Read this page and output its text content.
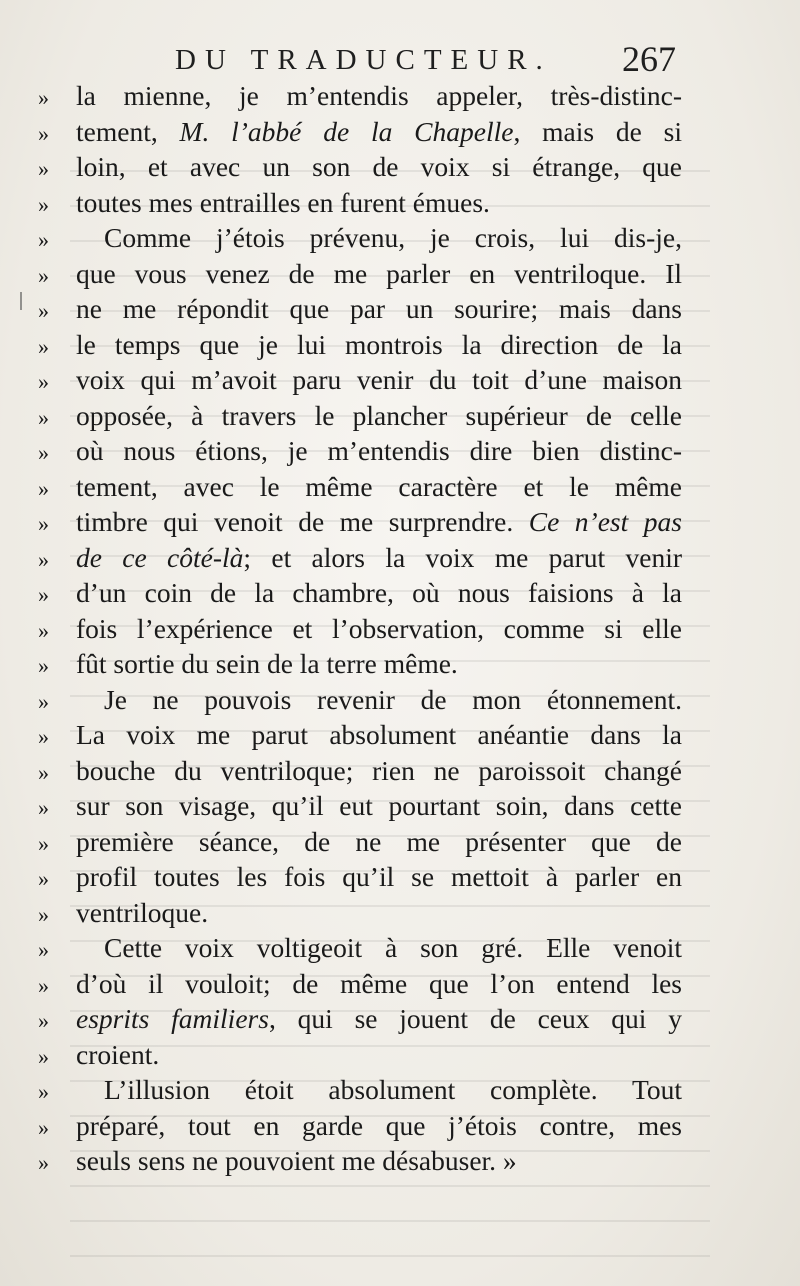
DU TRADUCTEUR. 267
» la mienne, je m’entendis appeler, très-distinc-
» tement, M. l’abbé de la Chapelle, mais de si
» loin, et avec un son de voix si étrange, que
» toutes mes entrailles en furent émues.
» Comme j’étois prévenu, je crois, lui dis-je,
» que vous venez de me parler en ventriloque. Il
» ne me répondit que par un sourire; mais dans
» le temps que je lui montrois la direction de la
» voix qui m’avoit paru venir du toit d’une maison
» opposée, à travers le plancher supérieur de celle
» où nous étions, je m’entendis dire bien distinc-
» tement, avec le même caractère et le même
» timbre qui venoit de me surprendre. Ce n’est pas
» de ce côté-là; et alors la voix me parut venir
» d’un coin de la chambre, où nous faisions à la
» fois l’expérience et l’observation, comme si elle
» fût sortie du sein de la terre même.
» Je ne pouvois revenir de mon étonnement.
» La voix me parut absolument anéantie dans la
» bouche du ventriloque; rien ne paroissoit changé
» sur son visage, qu’il eut pourtant soin, dans cette
» première séance, de ne me présenter que de
» profil toutes les fois qu’il se mettoit à parler en
» ventriloque.
» Cette voix voltigeoit à son gré. Elle venoit
» d’où il vouloit; de même que l’on entend les
» esprits familiers, qui se jouent de ceux qui y
» croient.
» L’illusion étoit absolument complète. Tout
» préparé, tout en garde que j’étois contre, mes
» seuls sens ne pouvoient me désabuser. »
